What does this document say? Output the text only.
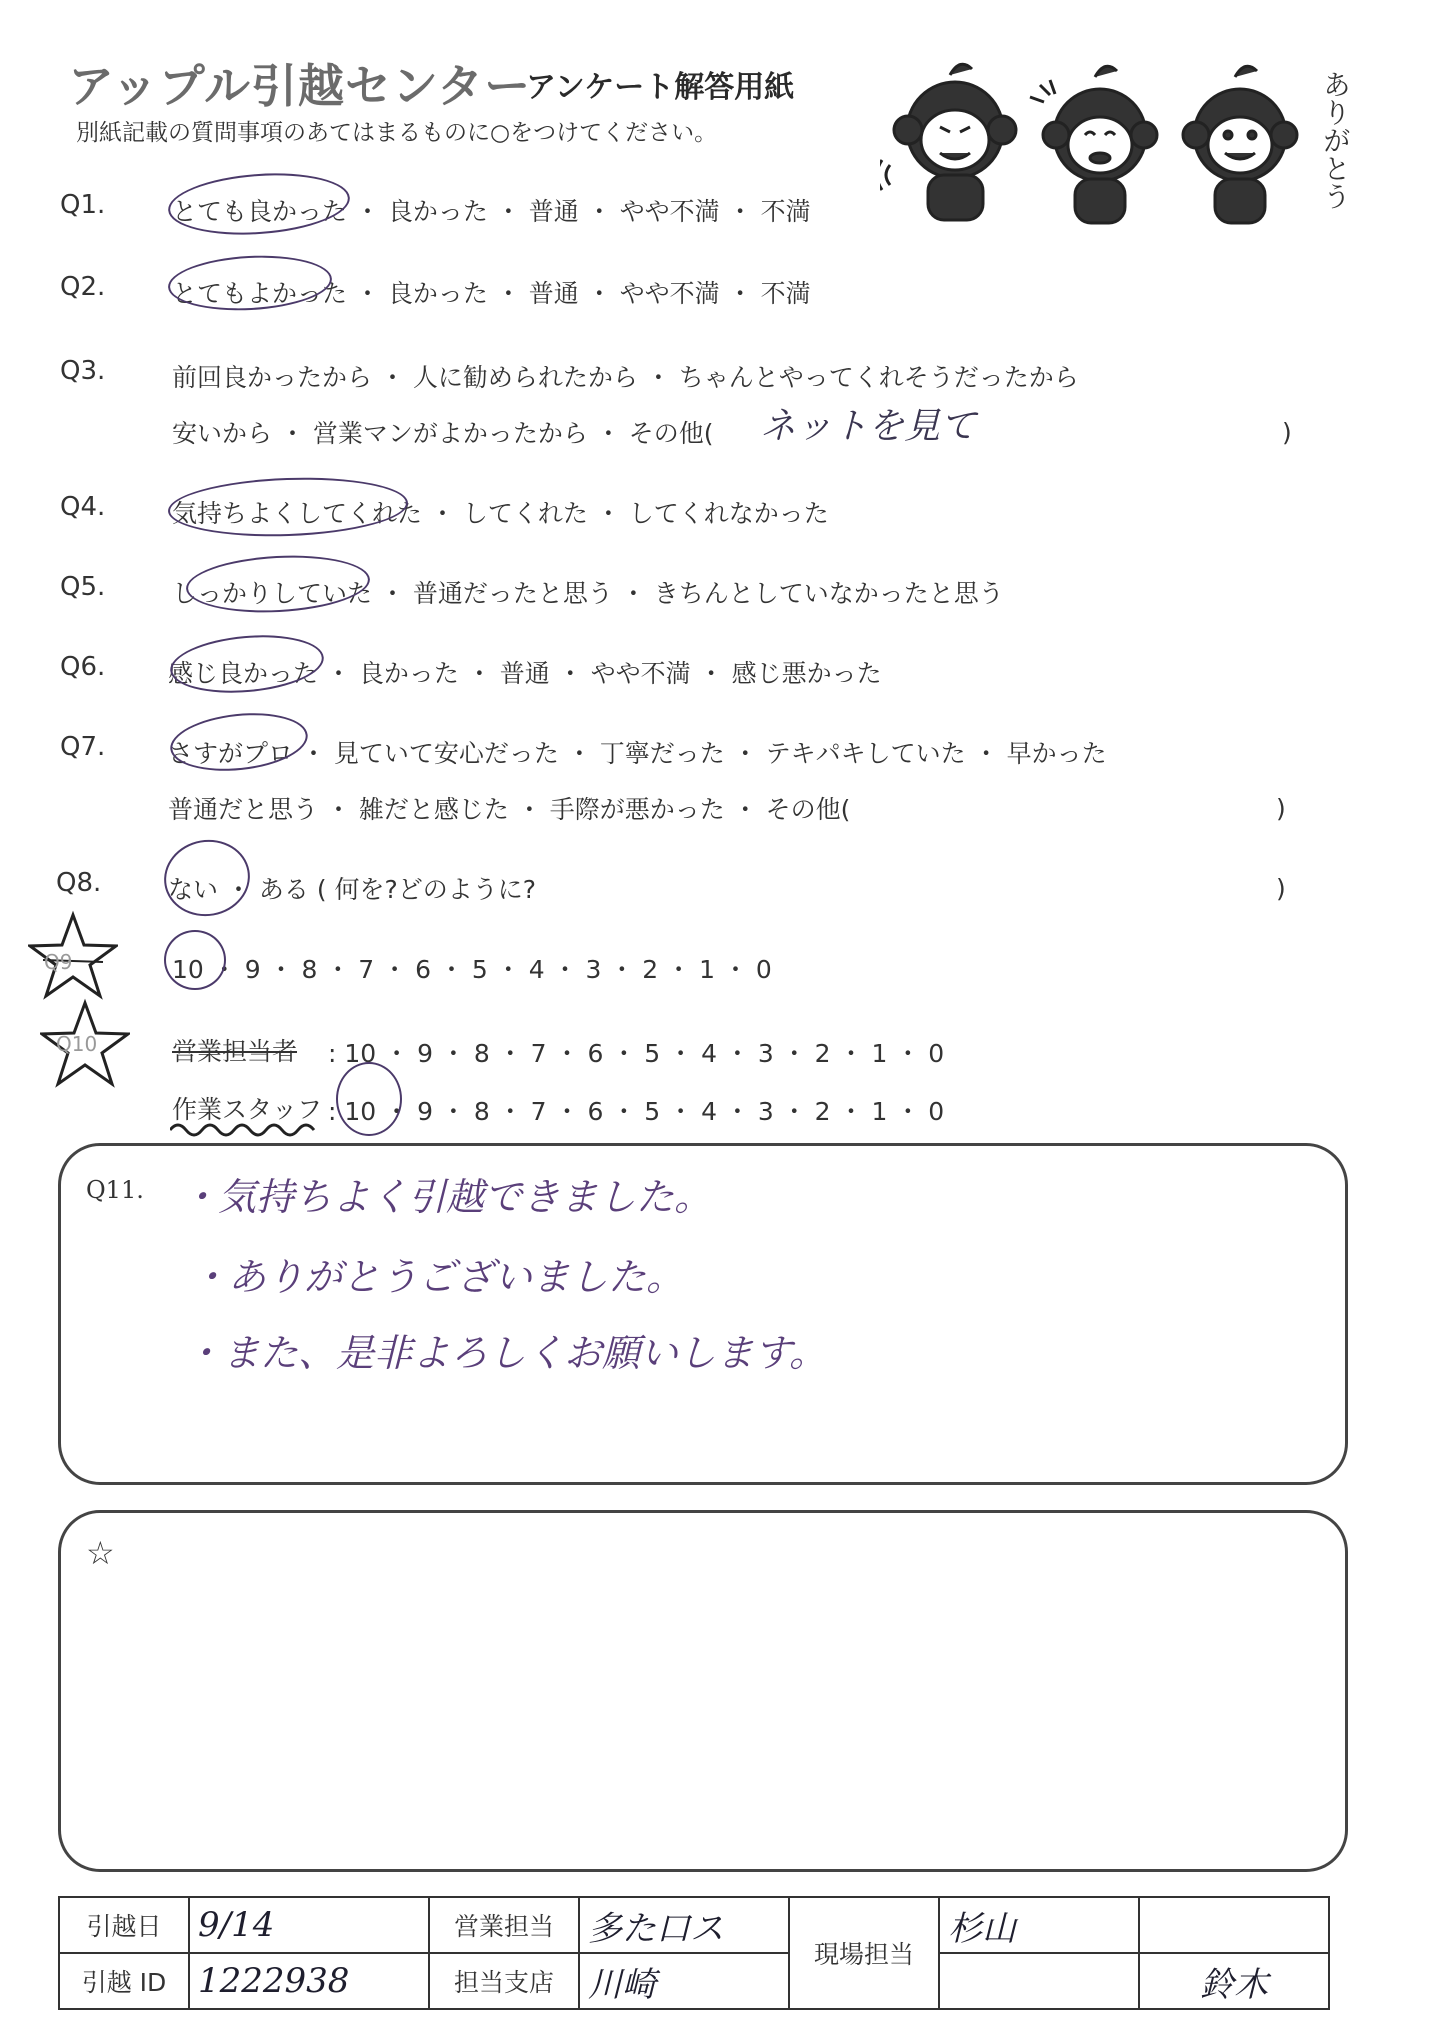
アップル引越センター
アンケート解答用紙
別紙記載の質問事項のあてはまるものに○をつけてください。	ありがとう
Q1.	とても良かった ・ 良かった ・ 普通 ・ やや不満 ・ 不満
Q2.	とてもよかった ・ 良かった ・ 普通 ・ やや不満 ・ 不満
Q3.	前回良かったから ・ 人に勧められたから ・ ちゃんとやってくれそうだったから
安いから ・ 営業マンがよかったから ・ その他( ネットを見て	)
Q4.	気持ちよくしてくれた ・ してくれた ・ してくれなかった
Q5.	しっかりしていた ・ 普通だったと思う ・ きちんとしていなかったと思う
Q6.	感じ良かった ・ 良かった ・ 普通 ・ やや不満 ・ 感じ悪かった
Q7.	さすがプロ ・ 見ていて安心だった ・ 丁寧だった ・ テキパキしていた ・ 早かった
普通だと思う ・ 雑だと感じた ・ 手際が悪かった ・ その他(	)
Q8.	ない ・ ある ( 何を?どのように?	)
Q9	10 ・ 9 ・ 8 ・ 7 ・ 6 ・ 5 ・ 4 ・ 3 ・ 2 ・ 1 ・ 0
Q10	営業担当者 : 10 ・ 9 ・ 8 ・ 7 ・ 6 ・ 5 ・ 4 ・ 3 ・ 2 ・ 1 ・ 0
作業スタッフ : 10 ・ 9 ・ 8 ・ 7 ・ 6 ・ 5 ・ 4 ・ 3 ・ 2 ・ 1 ・ 0
Q11. ・気持ちよく引越できました。
・ありがとうございました。
・また、是非よろしくお願いします。
☆
引越日	9/14	営業担当	多た口ス	現場担当	杉山	
引越 ID	1222938	担当支店	川崎			鈴木
